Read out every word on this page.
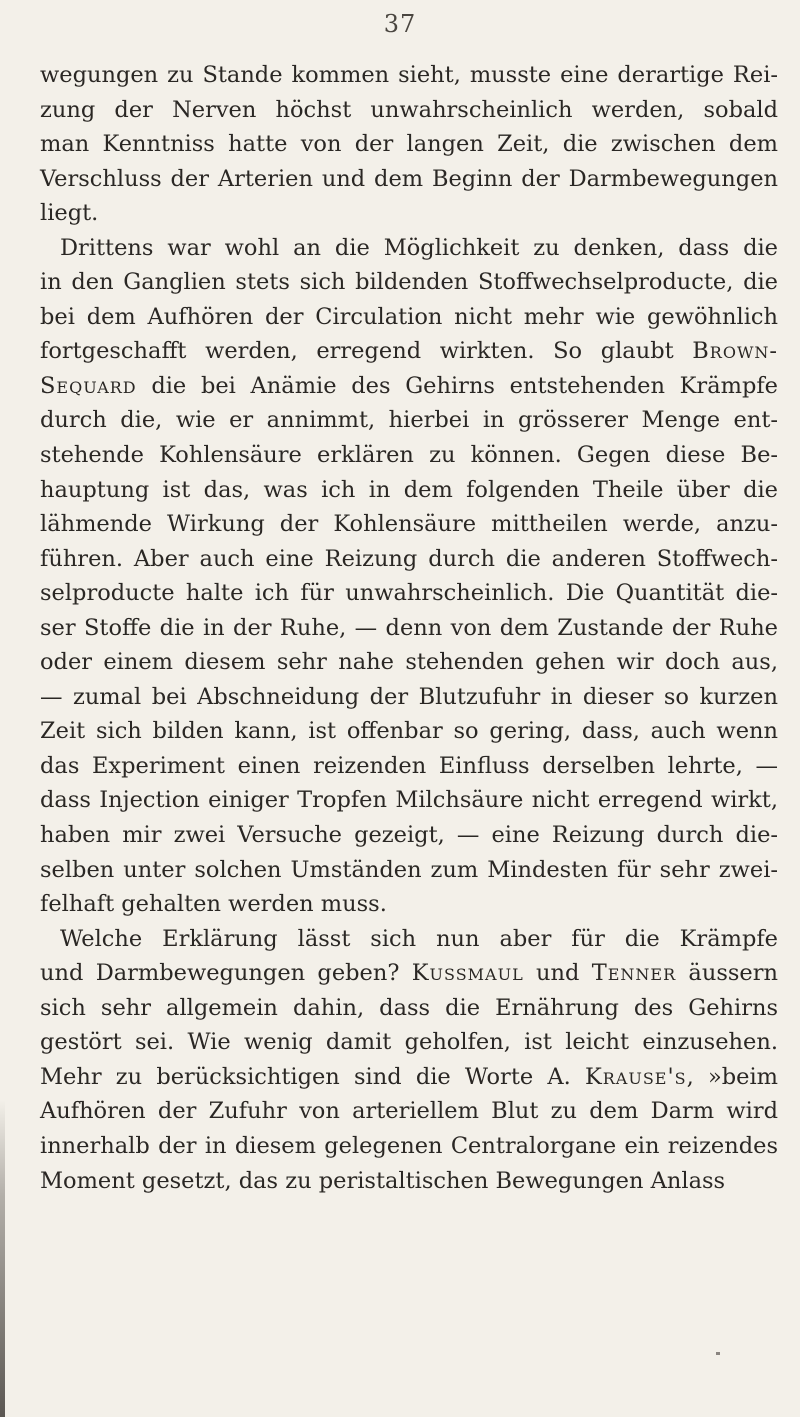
37
wegungen zu Stande kommen sieht, musste eine derartige Rei-
zung der Nerven höchst unwahrscheinlich werden, sobald
man Kenntniss hatte von der langen Zeit, die zwischen dem
Verschluss der Arterien und dem Beginn der Darmbewegungen
liegt.
Drittens war wohl an die Möglichkeit zu denken, dass die
in den Ganglien stets sich bildenden Stoffwechselproducte, die
bei dem Aufhören der Circulation nicht mehr wie gewöhnlich
fortgeschafft werden, erregend wirkten. So glaubt Brown-
Sequard die bei Anämie des Gehirns entstehenden Krämpfe
durch die, wie er annimmt, hierbei in grösserer Menge ent-
stehende Kohlensäure erklären zu können. Gegen diese Be-
hauptung ist das, was ich in dem folgenden Theile über die
lähmende Wirkung der Kohlensäure mittheilen werde, anzu-
führen. Aber auch eine Reizung durch die anderen Stoffwech-
selproducte halte ich für unwahrscheinlich. Die Quantität die-
ser Stoffe die in der Ruhe, — denn von dem Zustande der Ruhe
oder einem diesem sehr nahe stehenden gehen wir doch aus,
— zumal bei Abschneidung der Blutzufuhr in dieser so kurzen
Zeit sich bilden kann, ist offenbar so gering, dass, auch wenn
das Experiment einen reizenden Einfluss derselben lehrte, —
dass Injection einiger Tropfen Milchsäure nicht erregend wirkt,
haben mir zwei Versuche gezeigt, — eine Reizung durch die-
selben unter solchen Umständen zum Mindesten für sehr zwei-
felhaft gehalten werden muss.
Welche Erklärung lässt sich nun aber für die Krämpfe
und Darmbewegungen geben? Kussmaul und Tenner äussern
sich sehr allgemein dahin, dass die Ernährung des Gehirns
gestört sei. Wie wenig damit geholfen, ist leicht einzusehen.
Mehr zu berücksichtigen sind die Worte A. Krause's, »beim
Aufhören der Zufuhr von arteriellem Blut zu dem Darm wird
innerhalb der in diesem gelegenen Centralorgane ein reizendes
Moment gesetzt, das zu peristaltischen Bewegungen Anlass
